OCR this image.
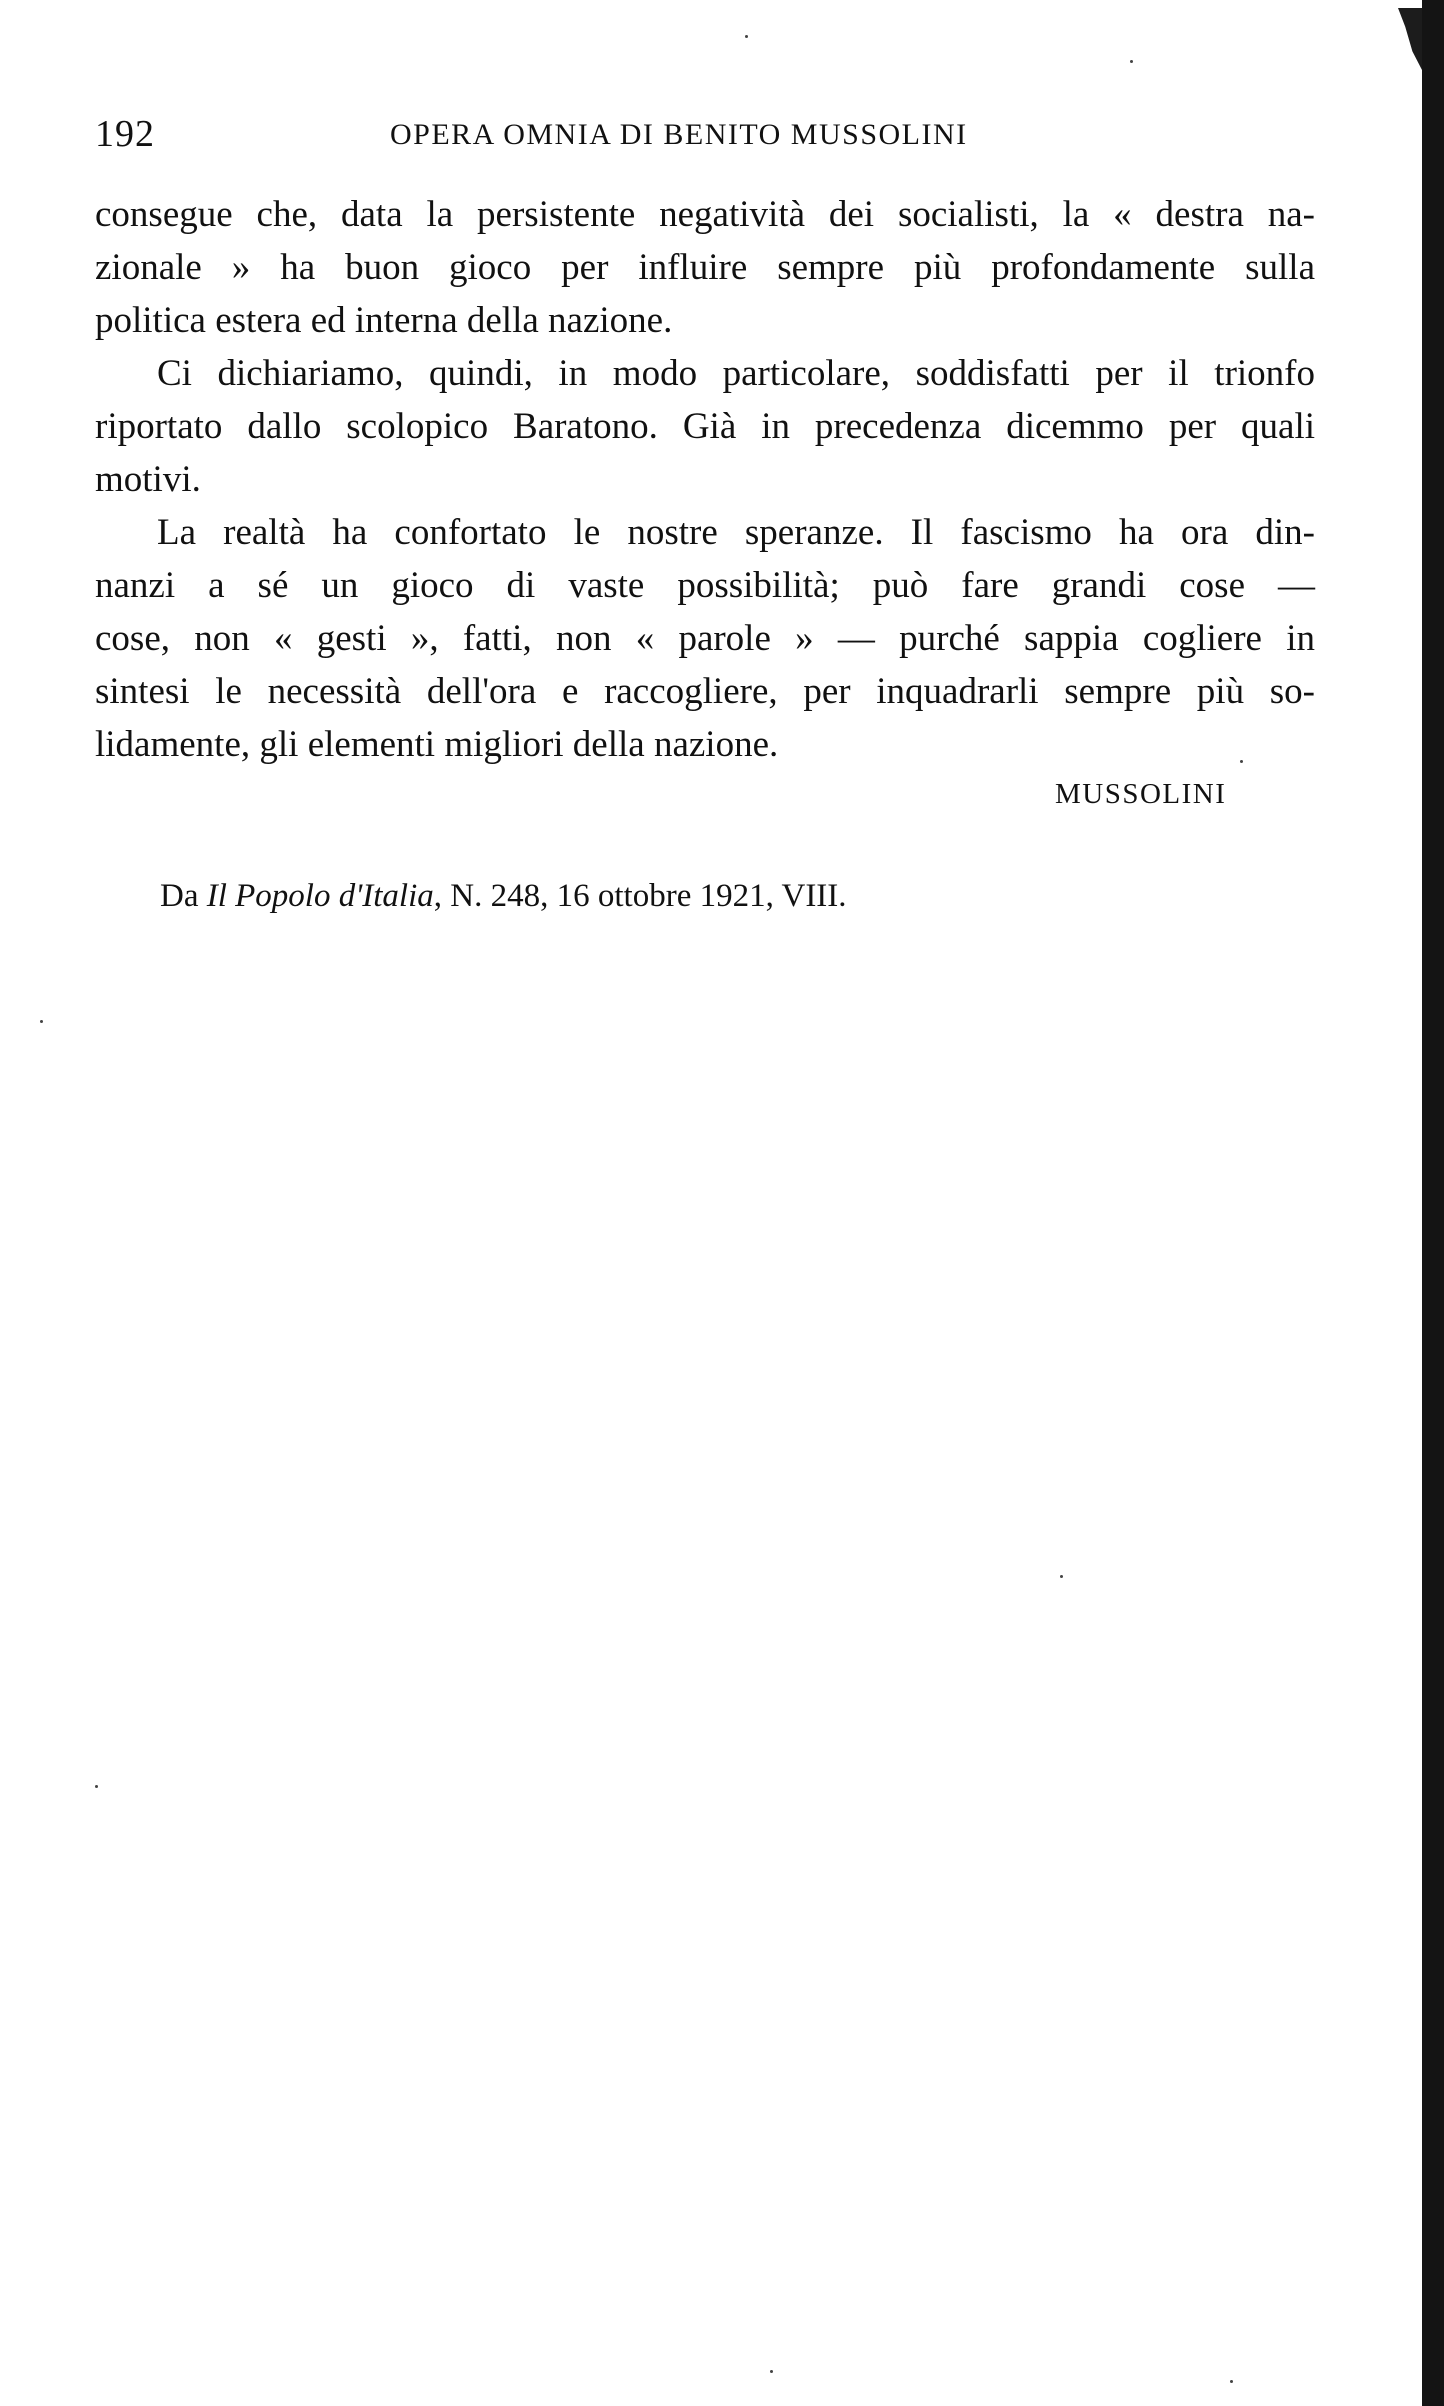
192	OPERA OMNIA DI BENITO MUSSOLINI
consegue che, data la persistente negatività dei socialisti, la « destra na-
zionale » ha buon gioco per influire sempre più profondamente sulla
politica estera ed interna della nazione.
Ci dichiariamo, quindi, in modo particolare, soddisfatti per il trionfo
riportato dallo scolopico Baratono. Già in precedenza dicemmo per quali
motivi.
La realtà ha confortato le nostre speranze. Il fascismo ha ora din-
nanzi a sé un gioco di vaste possibilità; può fare grandi cose —
cose, non « gesti », fatti, non « parole » — purché sappia cogliere in
sintesi le necessità dell'ora e raccogliere, per inquadrarli sempre più so-
lidamente, gli elementi migliori della nazione.
MUSSOLINI
Da Il Popolo d'Italia, N. 248, 16 ottobre 1921, VIII.
